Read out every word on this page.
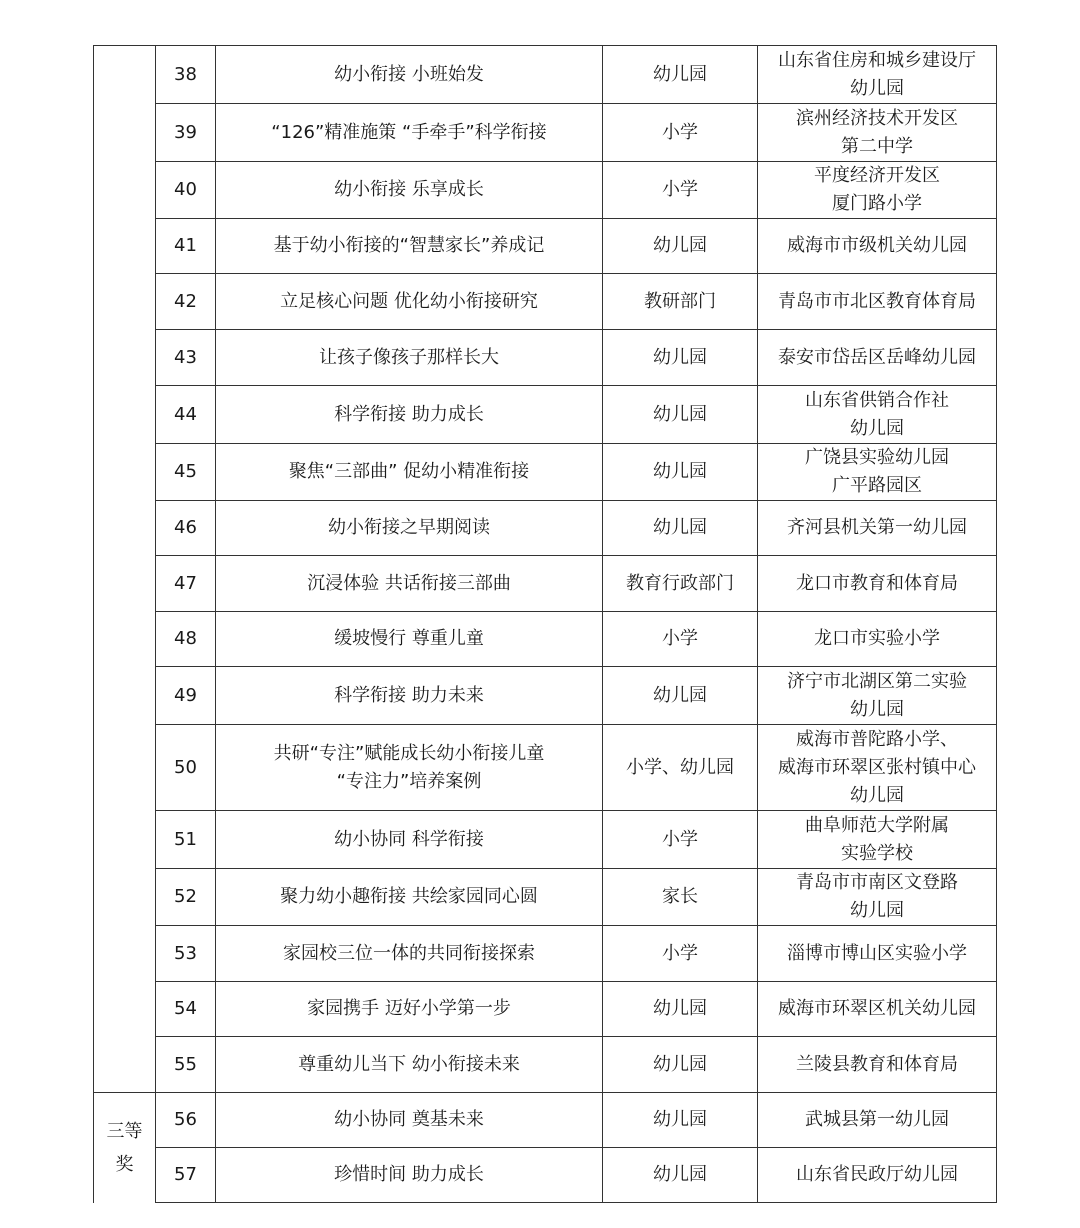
	38	幼小衔接 小班始发	幼儿园	山东省住房和城乡建设厅
幼儿园
	39	“126”精准施策 “手牵手”科学衔接	小学	滨州经济技术开发区
第二中学
	40	幼小衔接 乐享成长	小学	平度经济开发区
厦门路小学
	41	基于幼小衔接的“智慧家长”养成记	幼儿园	威海市市级机关幼儿园
	42	立足核心问题 优化幼小衔接研究	教研部门	青岛市市北区教育体育局
	43	让孩子像孩子那样长大	幼儿园	泰安市岱岳区岳峰幼儿园
	44	科学衔接 助力成长	幼儿园	山东省供销合作社
幼儿园
	45	聚焦“三部曲” 促幼小精准衔接	幼儿园	广饶县实验幼儿园
广平路园区
	46	幼小衔接之早期阅读	幼儿园	齐河县机关第一幼儿园
	47	沉浸体验 共话衔接三部曲	教育行政部门	龙口市教育和体育局
	48	缓坡慢行 尊重儿童	小学	龙口市实验小学
	49	科学衔接 助力未来	幼儿园	济宁市北湖区第二实验
幼儿园
	50	共研“专注”赋能成长幼小衔接儿童
“专注力”培养案例	小学、幼儿园	威海市普陀路小学、
威海市环翠区张村镇中心
幼儿园
	51	幼小协同 科学衔接	小学	曲阜师范大学附属
实验学校
	52	聚力幼小趣衔接 共绘家园同心圆	家长	青岛市市南区文登路
幼儿园
	53	家园校三位一体的共同衔接探索	小学	淄博市博山区实验小学
	54	家园携手 迈好小学第一步	幼儿园	威海市环翠区机关幼儿园
	55	尊重幼儿当下 幼小衔接未来	幼儿园	兰陵县教育和体育局
三等
奖	56	幼小协同 奠基未来	幼儿园	武城县第一幼儿园
	57	珍惜时间 助力成长	幼儿园	山东省民政厅幼儿园
